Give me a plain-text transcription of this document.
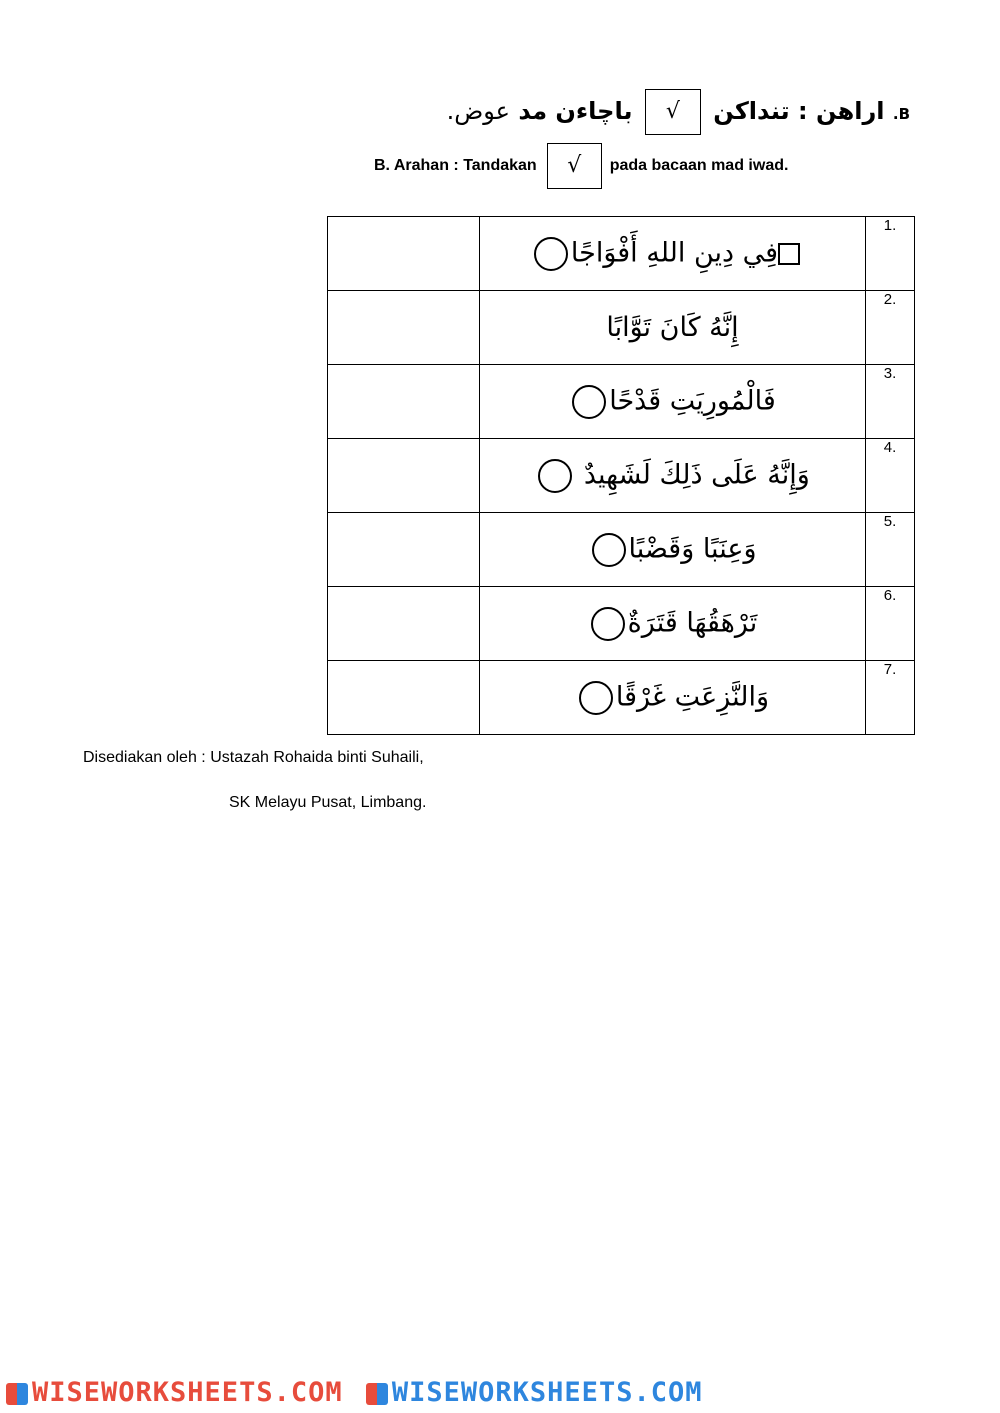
B. اراهن : تنداكن √ باچاءن مد عوض.
B. Arahan : Tandakan √ pada bacaan mad iwad.
	فِي دِينِ اللهِ أَفْوَاجًا	.1
	إِنَّهُ كَانَ تَوَّابًا	.2
	فَالْمُورِيَتِ قَدْحًا	.3
	وَإِنَّهُ عَلَى ذَلِكَ لَشَهِيدٌ	.4
	وَعِنَبًا وَقَضْبًا	.5
	تَرْهَقُهَا قَتَرَةٌ	.6
	وَالنَّزِعَتِ غَرْقًا	.7
Disediakan oleh : Ustazah Rohaida binti Suhaili,
SK Melayu Pusat, Limbang.
WISEWORKSHEETS.COM WISEWORKSHEETS.COM
